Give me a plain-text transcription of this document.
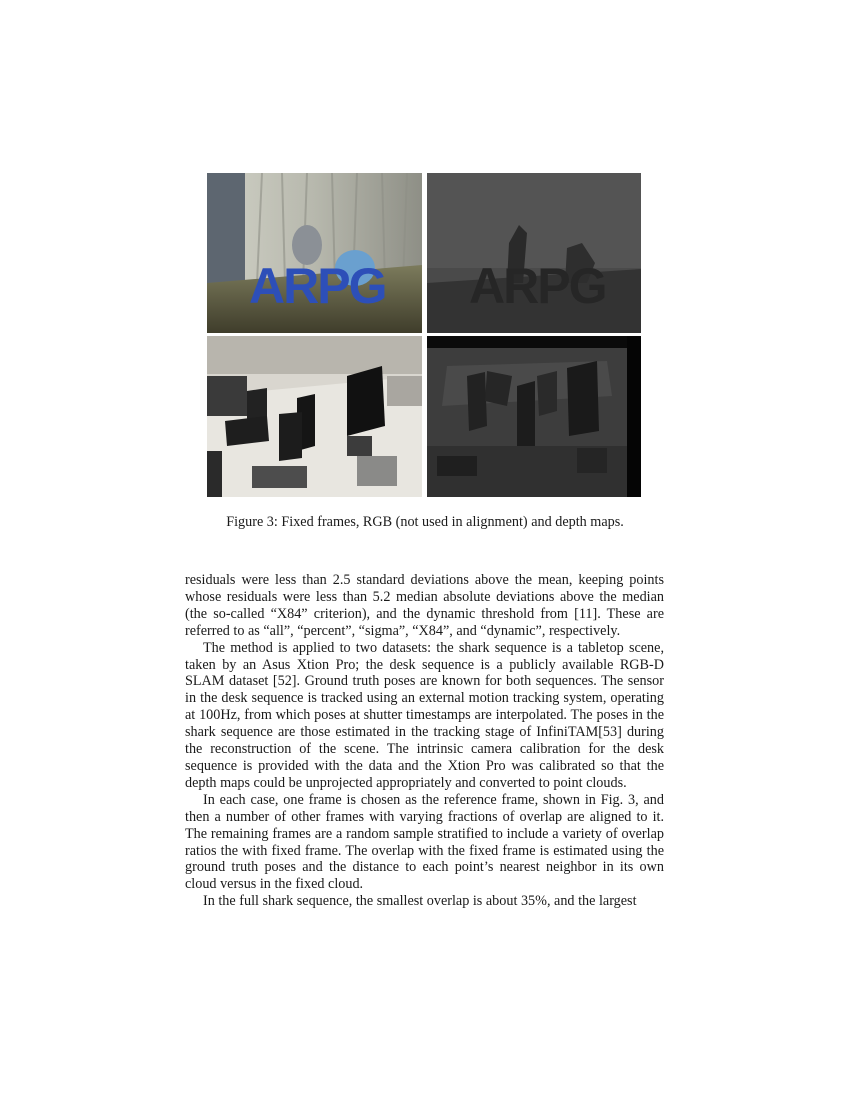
ARPG ARPG

Figure 3: Fixed frames, RGB (not used in alignment) and depth maps.

residuals were less than 2.5 standard deviations above the mean, keeping points whose residuals were less than 5.2 median absolute deviations above the median (the so-called “X84” criterion), and the dynamic threshold from [11]. These are referred to as “all”, “percent”, “sigma”, “X84”, and “dynamic”, respectively.

The method is applied to two datasets: the shark sequence is a tabletop scene, taken by an Asus Xtion Pro; the desk sequence is a publicly available RGB-D SLAM dataset [52]. Ground truth poses are known for both sequences. The sensor in the desk sequence is tracked using an external motion tracking system, operating at 100Hz, from which poses at shutter timestamps are interpolated. The poses in the shark sequence are those estimated in the tracking stage of InfiniTAM[53] during the reconstruction of the scene. The intrinsic camera calibration for the desk sequence is provided with the data and the Xtion Pro was calibrated so that the depth maps could be unprojected appropriately and converted to point clouds.

In each case, one frame is chosen as the reference frame, shown in Fig. 3, and then a number of other frames with varying fractions of overlap are aligned to it. The remaining frames are a random sample stratified to include a variety of overlap ratios the with fixed frame. The overlap with the fixed frame is estimated using the ground truth poses and the distance to each point’s nearest neighbor in its own cloud versus in the fixed cloud.

In the full shark sequence, the smallest overlap is about 35%, and the largest
